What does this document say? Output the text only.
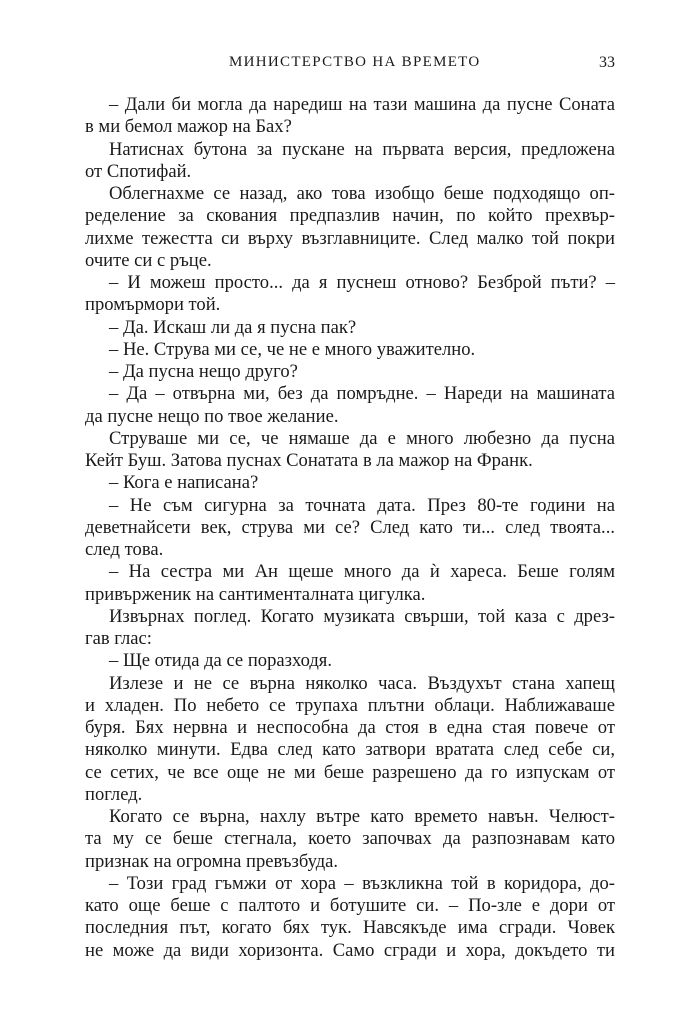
МИНИСТЕРСТВО НА ВРЕМЕТО	33
– Дали би могла да наредиш на тази машина да пусне Соната
в ми бемол мажор на Бах?
Натиснах бутона за пускане на първата версия, предложена
от Спотифай.
Облегнахме се назад, ако това изобщо беше подходящо оп-
ределение за скования предпазлив начин, по който прехвър-
лихме тежестта си върху възглавниците. След малко той покри
очите си с ръце.
– И можеш просто... да я пуснеш отново? Безброй пъти? –
промърмори той.
– Да. Искаш ли да я пусна пак?
– Не. Струва ми се, че не е много уважително.
– Да пусна нещо друго?
– Да – отвърна ми, без да помръдне. – Нареди на машината
да пусне нещо по твое желание.
Струваше ми се, че нямаше да е много любезно да пусна
Кейт Буш. Затова пуснах Сонатата в ла мажор на Франк.
– Кога е написана?
– Не съм сигурна за точната дата. През 80-те години на
деветнайсети век, струва ми се? След като ти... след твоята...
след това.
– На сестра ми Ан щеше много да ѝ хареса. Беше голям
привърженик на сантименталната цигулка.
Извърнах поглед. Когато музиката свърши, той каза с дрез-
гав глас:
– Ще отида да се поразходя.
Излезе и не се върна няколко часа. Въздухът стана хапещ
и хладен. По небето се трупаха плътни облаци. Наближаваше
буря. Бях нервна и неспособна да стоя в една стая повече от
няколко минути. Едва след като затвори вратата след себе си,
се сетих, че все още не ми беше разрешено да го изпускам от
поглед.
Когато се върна, нахлу вътре като времето навън. Челюст-
та му се беше стегнала, което започвах да разпознавам като
признак на огромна превъзбуда.
– Този град гъмжи от хора – възкликна той в коридора, до-
като още беше с палтото и ботушите си. – По-зле е дори от
последния път, когато бях тук. Навсякъде има сгради. Човек
не може да види хоризонта. Само сгради и хора, докъдето ти
